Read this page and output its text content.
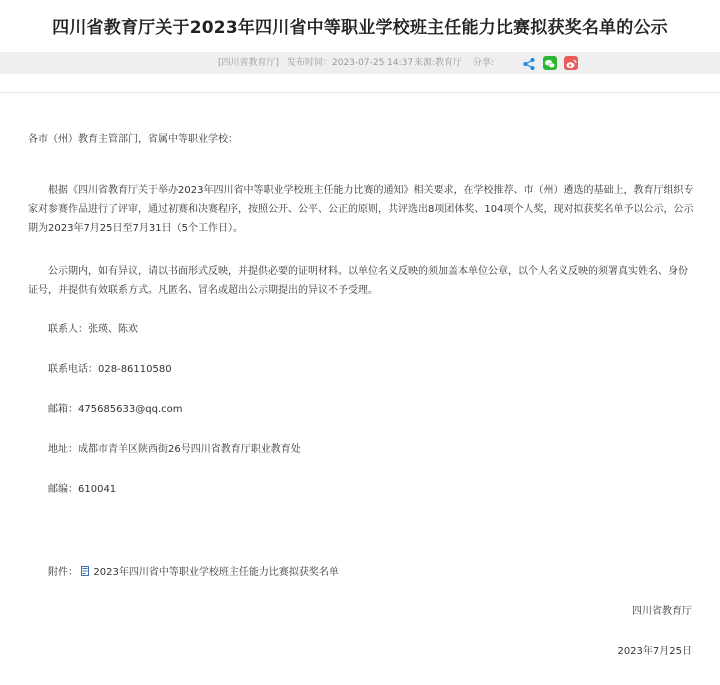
四川省教育厅关于2023年四川省中等职业学校班主任能力比赛拟获奖名单的公示
[四川省教育厅] 发布时间：2023-07-25 14:37 来源:教育厅 分享:
各市（州）教育主管部门，省属中等职业学校：
根据《四川省教育厅关于举办2023年四川省中等职业学校班主任能力比赛的通知》相关要求，在学校推荐、市（州）遴选的基础上，教育厅组织专家对参赛作品进行了评审，通过初赛和决赛程序，按照公开、公平、公正的原则，共评选出8项团体奖、104项个人奖，现对拟获奖名单予以公示，公示期为2023年7月25日至7月31日（5个工作日）。
公示期内，如有异议，请以书面形式反映，并提供必要的证明材料。以单位名义反映的须加盖本单位公章，以个人名义反映的须署真实姓名、身份证号，并提供有效联系方式。凡匿名、冒名或超出公示期提出的异议不予受理。
联系人：张瑛、陈欢
联系电话：028-86110580
邮箱：475685633@qq.com
地址：成都市青羊区陕西街26号四川省教育厅职业教育处
邮编：610041
附件： 2023年四川省中等职业学校班主任能力比赛拟获奖名单
四川省教育厅
2023年7月25日
